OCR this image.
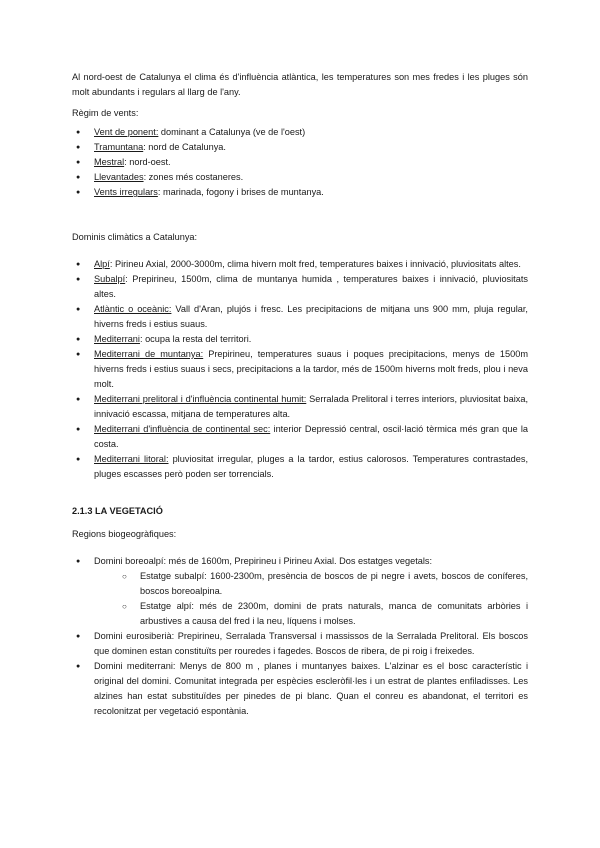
Al nord-oest de Catalunya el clima és d'influència atlàntica, les temperatures son mes fredes i les pluges són molt abundants i regulars al llarg de l'any.

Règim de vents:

● Vent de ponent: dominant a Catalunya (ve de l'oest)
● Tramuntana: nord de Catalunya.
● Mestral: nord-oest.
● Llevantades: zones més costaneres.
● Vents irregulars: marinada, fogony i brises de muntanya.

Dominis climàtics a Catalunya:

● Alpí: Pirineu Axial, 2000-3000m, clima hivern molt fred, temperatures baixes i innivació, pluviositats altes.
● Subalpí: Prepirineu, 1500m, clima de muntanya humida , temperatures baixes i innivació, pluviositats altes.
● Atlàntic o oceànic: Vall d'Aran, plujós i fresc. Les precipitacions de mitjana uns 900 mm, pluja regular, hiverns freds i estius suaus.
● Mediterrani: ocupa la resta del territori.
● Mediterrani de muntanya: Prepirineu, temperatures suaus i poques precipitacions, menys de 1500m hiverns freds i estius suaus i secs, precipitacions a la tardor, més de 1500m hiverns molt freds, plou i neva molt.
● Mediterrani prelitoral i d'influència continental humit: Serralada Prelitoral i terres interiors, pluviositat baixa, innivació escassa, mitjana de temperatures alta.
● Mediterrani d'influència de continental sec: interior Depressió central, oscil·lació tèrmica més gran que la costa.
● Mediterrani litoral: pluviositat irregular, pluges a la tardor, estius calorosos. Temperatures contrastades, pluges escasses però poden ser torrencials.
2.1.3 LA VEGETACIÓ

Regions biogeogràfiques:

● Domini boreoalpí: més de 1600m, Prepirineu i Pirineu Axial. Dos estatges vegetals:
○ Estatge subalpí: 1600-2300m, presència de boscos de pi negre i avets, boscos de coníferes, boscos boreoalpina.
○ Estatge alpí: més de 2300m, domini de prats naturals, manca de comunitats arbòries i arbustives a causa del fred i la neu, líquens i molses.
● Domini eurosiberià: Prepirineu, Serralada Transversal i massissos de la Serralada Prelitoral. Els boscos que dominen estan constituïts per rouredes i fagedes. Boscos de ribera, de pi roig i freixedes.
● Domini mediterrani: Menys de 800 m , planes i muntanyes baixes. L'alzinar es el bosc característic i original del domini. Comunitat integrada per espècies escleròfil·les i un estrat de plantes enfiladisses. Les alzines han estat substituïdes per pinedes de pi blanc. Quan el conreu es abandonat, el territori es recolonitzat per vegetació espontània.
